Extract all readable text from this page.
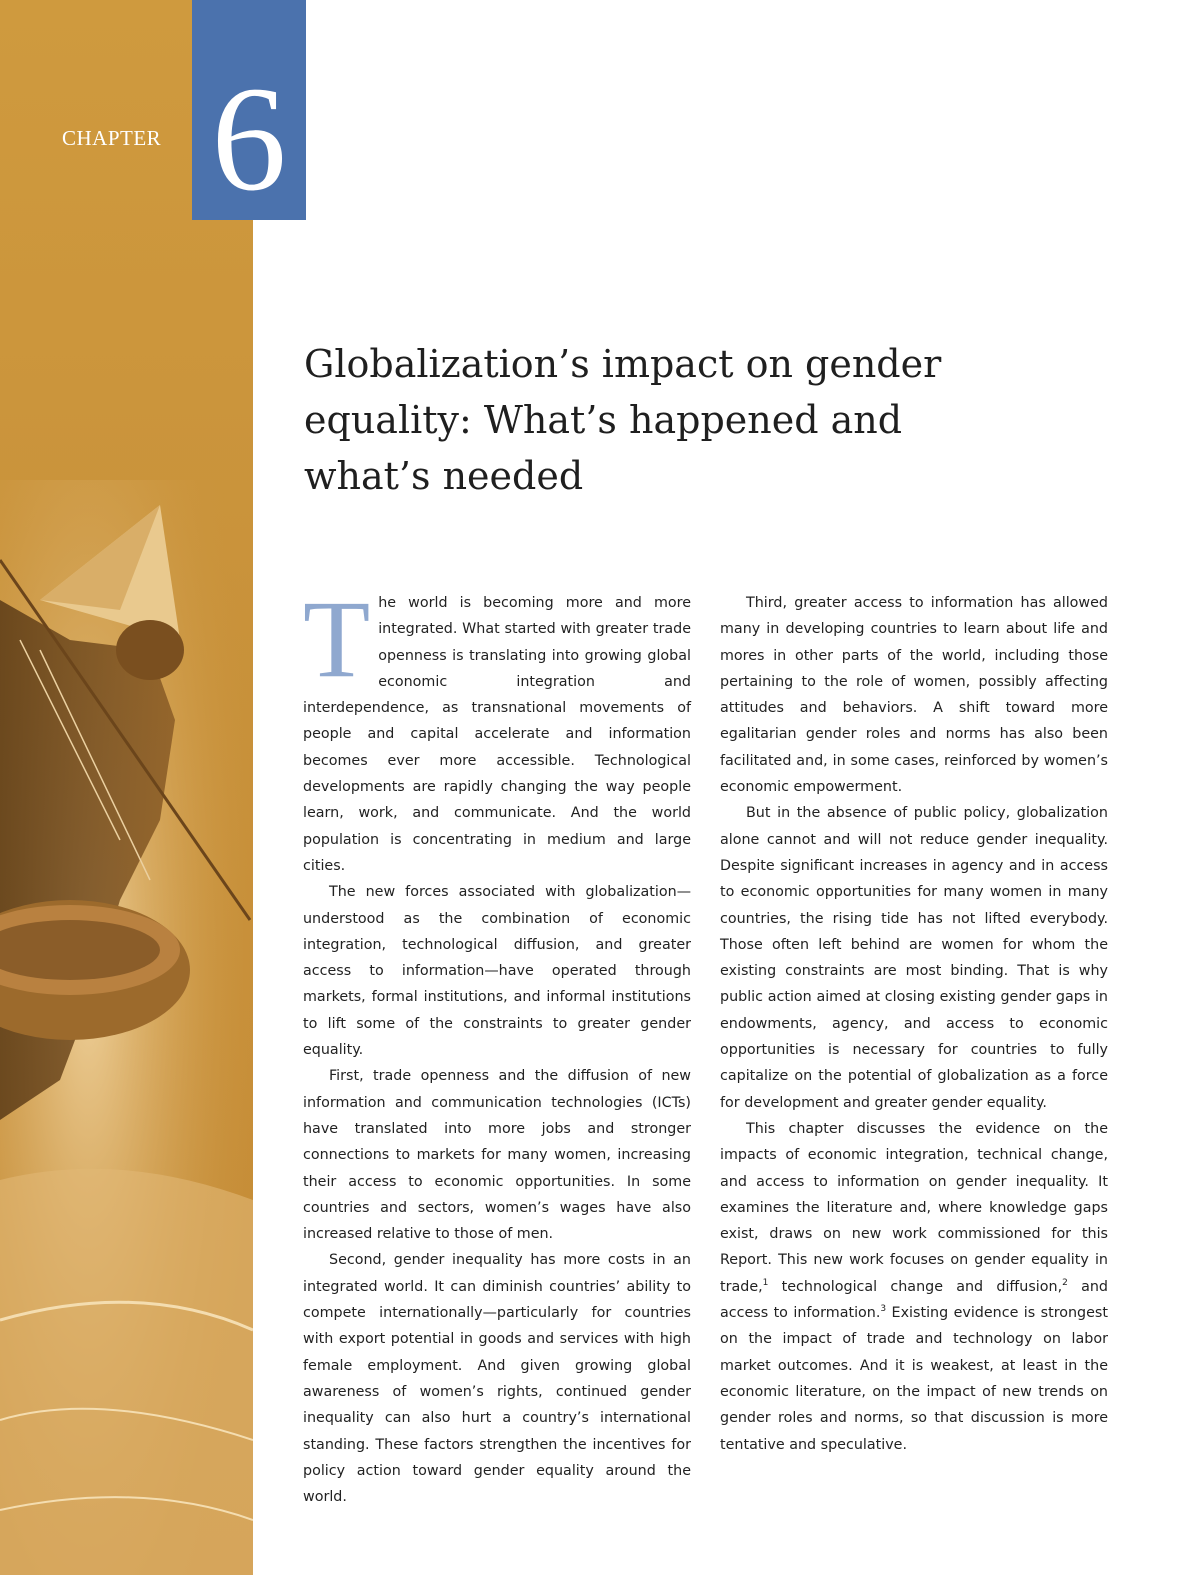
CHAPTER 6
Globalization’s impact on gender equality: What’s happened and what’s needed

The world is becoming more and more integrated. What started with greater trade openness is translating into growing global economic integration and interdependence, as transnational movements of people and capital accelerate and information becomes ever more accessible. Technological developments are rapidly changing the way people learn, work, and communicate. And the world population is concentrating in medium and large cities.

The new forces associated with globalization—understood as the combination of economic integration, technological diffusion, and greater access to information—have operated through markets, formal institutions, and informal institutions to lift some of the constraints to greater gender equality.

First, trade openness and the diffusion of new information and communication technologies (ICTs) have translated into more jobs and stronger connections to markets for many women, increasing their access to economic opportunities. In some countries and sectors, women’s wages have also increased relative to those of men.

Second, gender inequality has more costs in an integrated world. It can diminish countries’ ability to compete internationally—particularly for countries with export potential in goods and services with high female employment. And given growing global awareness of women’s rights, continued gender inequality can also hurt a country’s international standing. These factors strengthen the incentives for policy action toward gender equality around the world.

Third, greater access to information has allowed many in developing countries to learn about life and mores in other parts of the world, including those pertaining to the role of women, possibly affecting attitudes and behaviors. A shift toward more egalitarian gender roles and norms has also been facilitated and, in some cases, reinforced by women’s economic empowerment.

But in the absence of public policy, globalization alone cannot and will not reduce gender inequality. Despite significant increases in agency and in access to economic opportunities for many women in many countries, the rising tide has not lifted everybody. Those often left behind are women for whom the existing constraints are most binding. That is why public action aimed at closing existing gender gaps in endowments, agency, and access to economic opportunities is necessary for countries to fully capitalize on the potential of globalization as a force for development and greater gender equality.

This chapter discusses the evidence on the impacts of economic integration, technical change, and access to information on gender inequality. It examines the literature and, where knowledge gaps exist, draws on new work commissioned for this Report. This new work focuses on gender equality in trade,$^1$ technological change and diffusion,$^2$ and access to information.$^3$ Existing evidence is strongest on the impact of trade and technology on labor market outcomes. And it is weakest, at least in the economic literature, on the impact of new trends on gender roles and norms, so that discussion is more tentative and speculative.
